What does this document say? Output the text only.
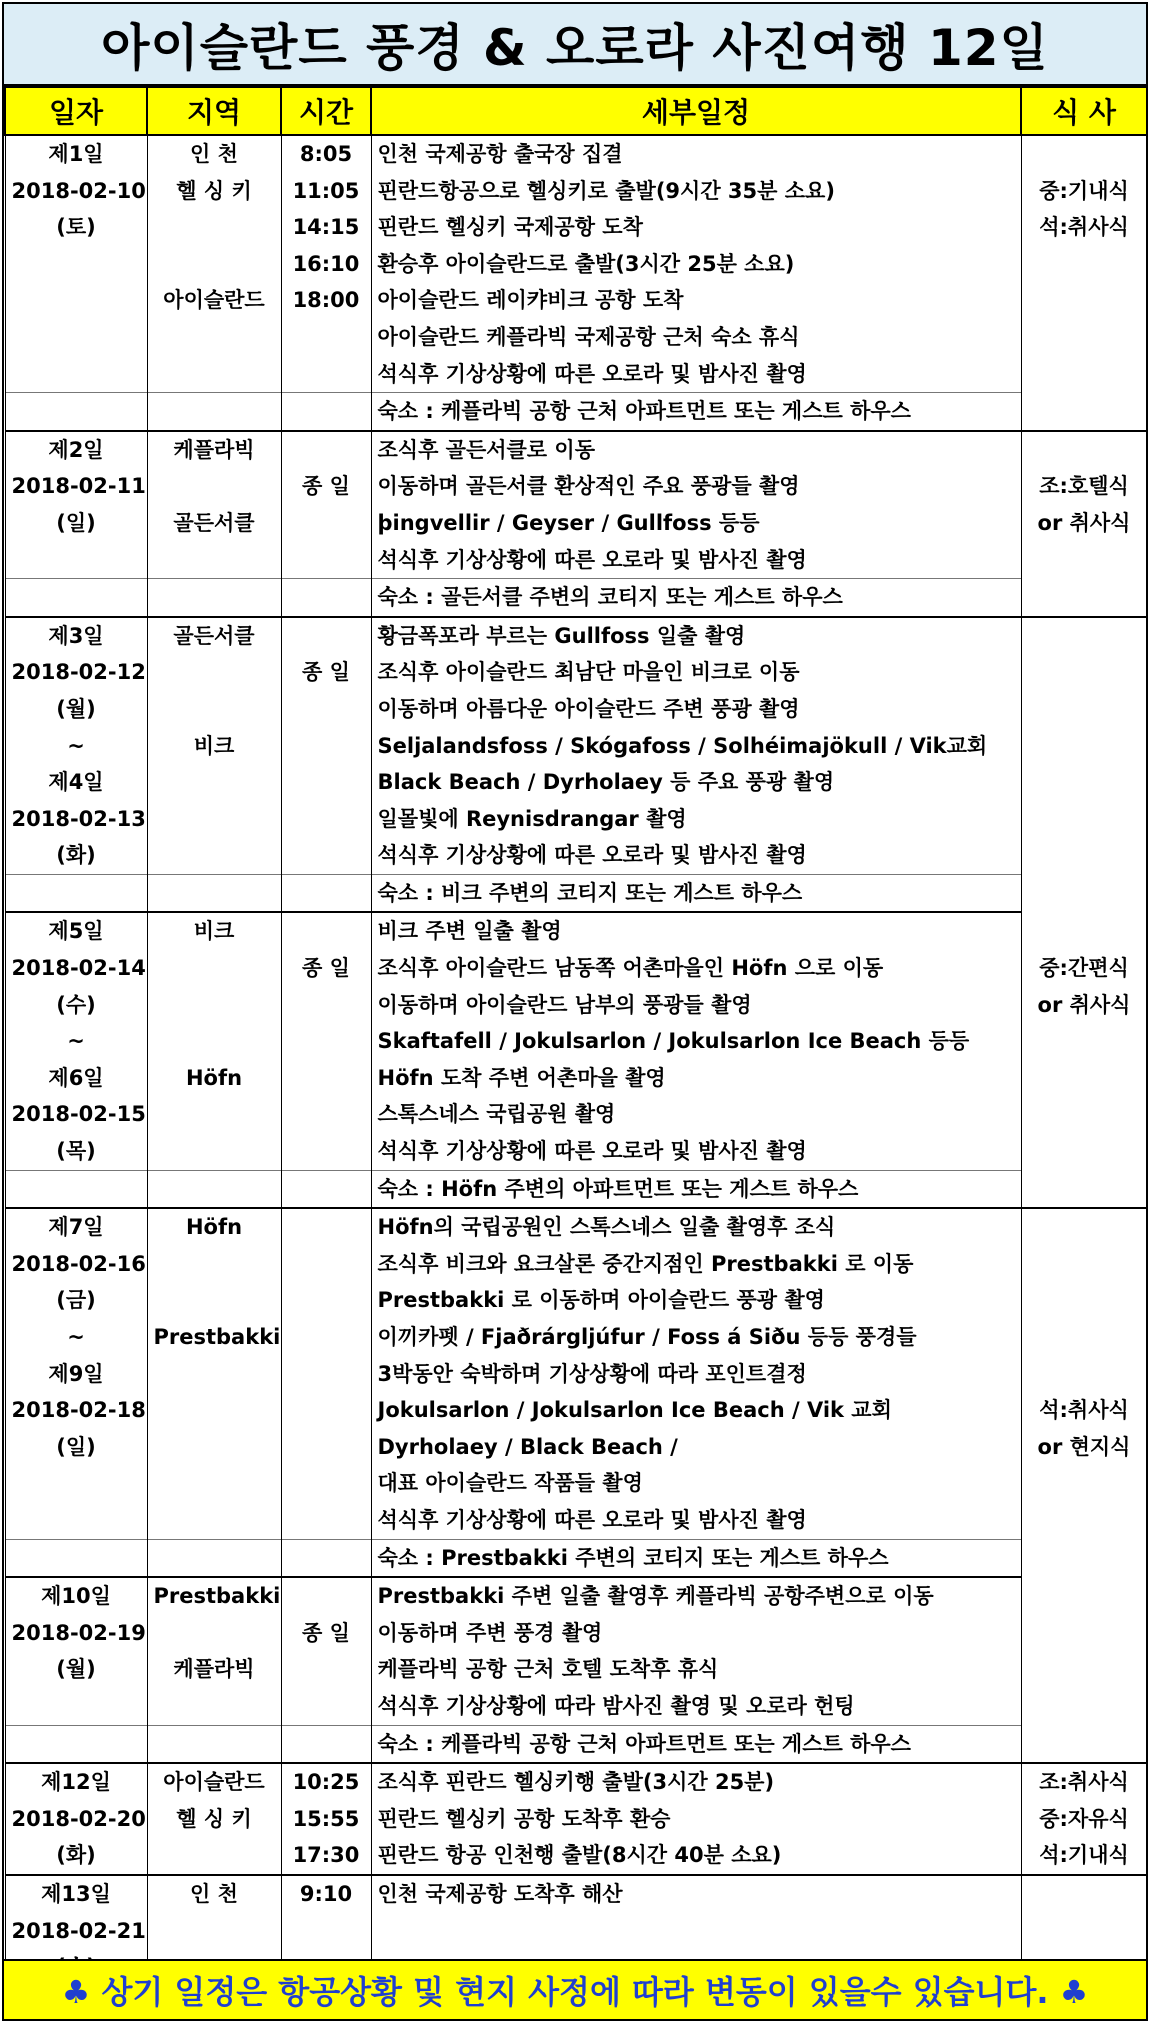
아이슬란드 풍경 & 오로라 사진여행 12일
일자	지역	시간	세부일정	식 사
제1일	인 천	8:05	인천 국제공항 출국장 집결	
2018-02-10	헬 싱 키	11:05	핀란드항공으로 헬싱키로 출발(9시간 35분 소요)	중:기내식
(토)		14:15	핀란드 헬싱키 국제공항 도착	석:취사식
		16:10	환승후 아이슬란드로 출발(3시간 25분 소요)	
	아이슬란드	18:00	아이슬란드 레이캬비크 공항 도착	
			아이슬란드 케플라빅 국제공항 근처 숙소 휴식	
			석식후 기상상황에 따른 오로라 및 밤사진 촬영	
			숙소 : 케플라빅 공항 근처 아파트먼트 또는 게스트 하우스	
제2일	케플라빅		조식후 골든서클로 이동	
2018-02-11		종 일	이동하며 골든서클 환상적인 주요 풍광들 촬영	조:호텔식
(일)	골든서클		þingvellir / Geyser / Gullfoss 등등	or 취사식
			석식후 기상상황에 따른 오로라 및 밤사진 촬영	
			숙소 : 골든서클 주변의 코티지 또는 게스트 하우스	
제3일	골든서클		황금폭포라 부르는 Gullfoss 일출 촬영	
2018-02-12		종 일	조식후 아이슬란드 최남단 마을인 비크로 이동	
(월)			이동하며 아름다운 아이슬란드 주변 풍광 촬영	
~	비크		Seljalandsfoss / Skógafoss / Solhéimajökull / Vik교회	
제4일			Black Beach / Dyrholaey 등 주요 풍광 촬영	
2018-02-13			일몰빛에 Reynisdrangar 촬영	
(화)			석식후 기상상황에 따른 오로라 및 밤사진 촬영	
			숙소 : 비크 주변의 코티지 또는 게스트 하우스	
제5일	비크		비크 주변 일출 촬영	
2018-02-14		종 일	조식후 아이슬란드 남동쪽 어촌마을인 Höfn 으로 이동	중:간편식
(수)			이동하며 아이슬란드 남부의 풍광들 촬영	or 취사식
~			Skaftafell / Jokulsarlon / Jokulsarlon Ice Beach 등등	
제6일	Höfn		Höfn 도착 주변 어촌마을 촬영	
2018-02-15			스톡스네스 국립공원 촬영	
(목)			석식후 기상상황에 따른 오로라 및 밤사진 촬영	
			숙소 : Höfn 주변의 아파트먼트 또는 게스트 하우스	
제7일	Höfn		Höfn의 국립공원인 스톡스네스 일출 촬영후 조식	
2018-02-16			조식후 비크와 요크살론 중간지점인 Prestbakki 로 이동	
(금)			Prestbakki 로 이동하며 아이슬란드 풍광 촬영	
~	Prestbakki		이끼카펫 / Fjaðrárgljúfur / Foss á Siðu 등등 풍경들	
제9일			3박동안 숙박하며 기상상황에 따라 포인트결정	
2018-02-18			Jokulsarlon / Jokulsarlon Ice Beach / Vik 교회	석:취사식
(일)			Dyrholaey / Black Beach /	or 현지식
			대표 아이슬란드 작품들 촬영	
			석식후 기상상황에 따른 오로라 및 밤사진 촬영	
			숙소 : Prestbakki 주변의 코티지 또는 게스트 하우스	
제10일	Prestbakki		Prestbakki 주변 일출 촬영후 케플라빅 공항주변으로 이동	
2018-02-19		종 일	이동하며 주변 풍경 촬영	
(월)	케플라빅		케플라빅 공항 근처 호텔 도착후 휴식	
			석식후 기상상황에 따라 밤사진 촬영 및 오로라 헌팅	
			숙소 : 케플라빅 공항 근처 아파트먼트 또는 게스트 하우스	
제12일	아이슬란드	10:25	조식후 핀란드 헬싱키행 출발(3시간 25분)	조:취사식
2018-02-20	헬 싱 키	15:55	핀란드 헬싱키 공항 도착후 환승	중:자유식
(화)		17:30	핀란드 항공 인천행 출발(8시간 40분 소요)	석:기내식
제13일	인 천	9:10	인천 국제공항 도착후 해산	
2018-02-21				

♣ 상기 일정은 항공상황 및 현지 사정에 따라 변동이 있을수 있습니다. ♣
